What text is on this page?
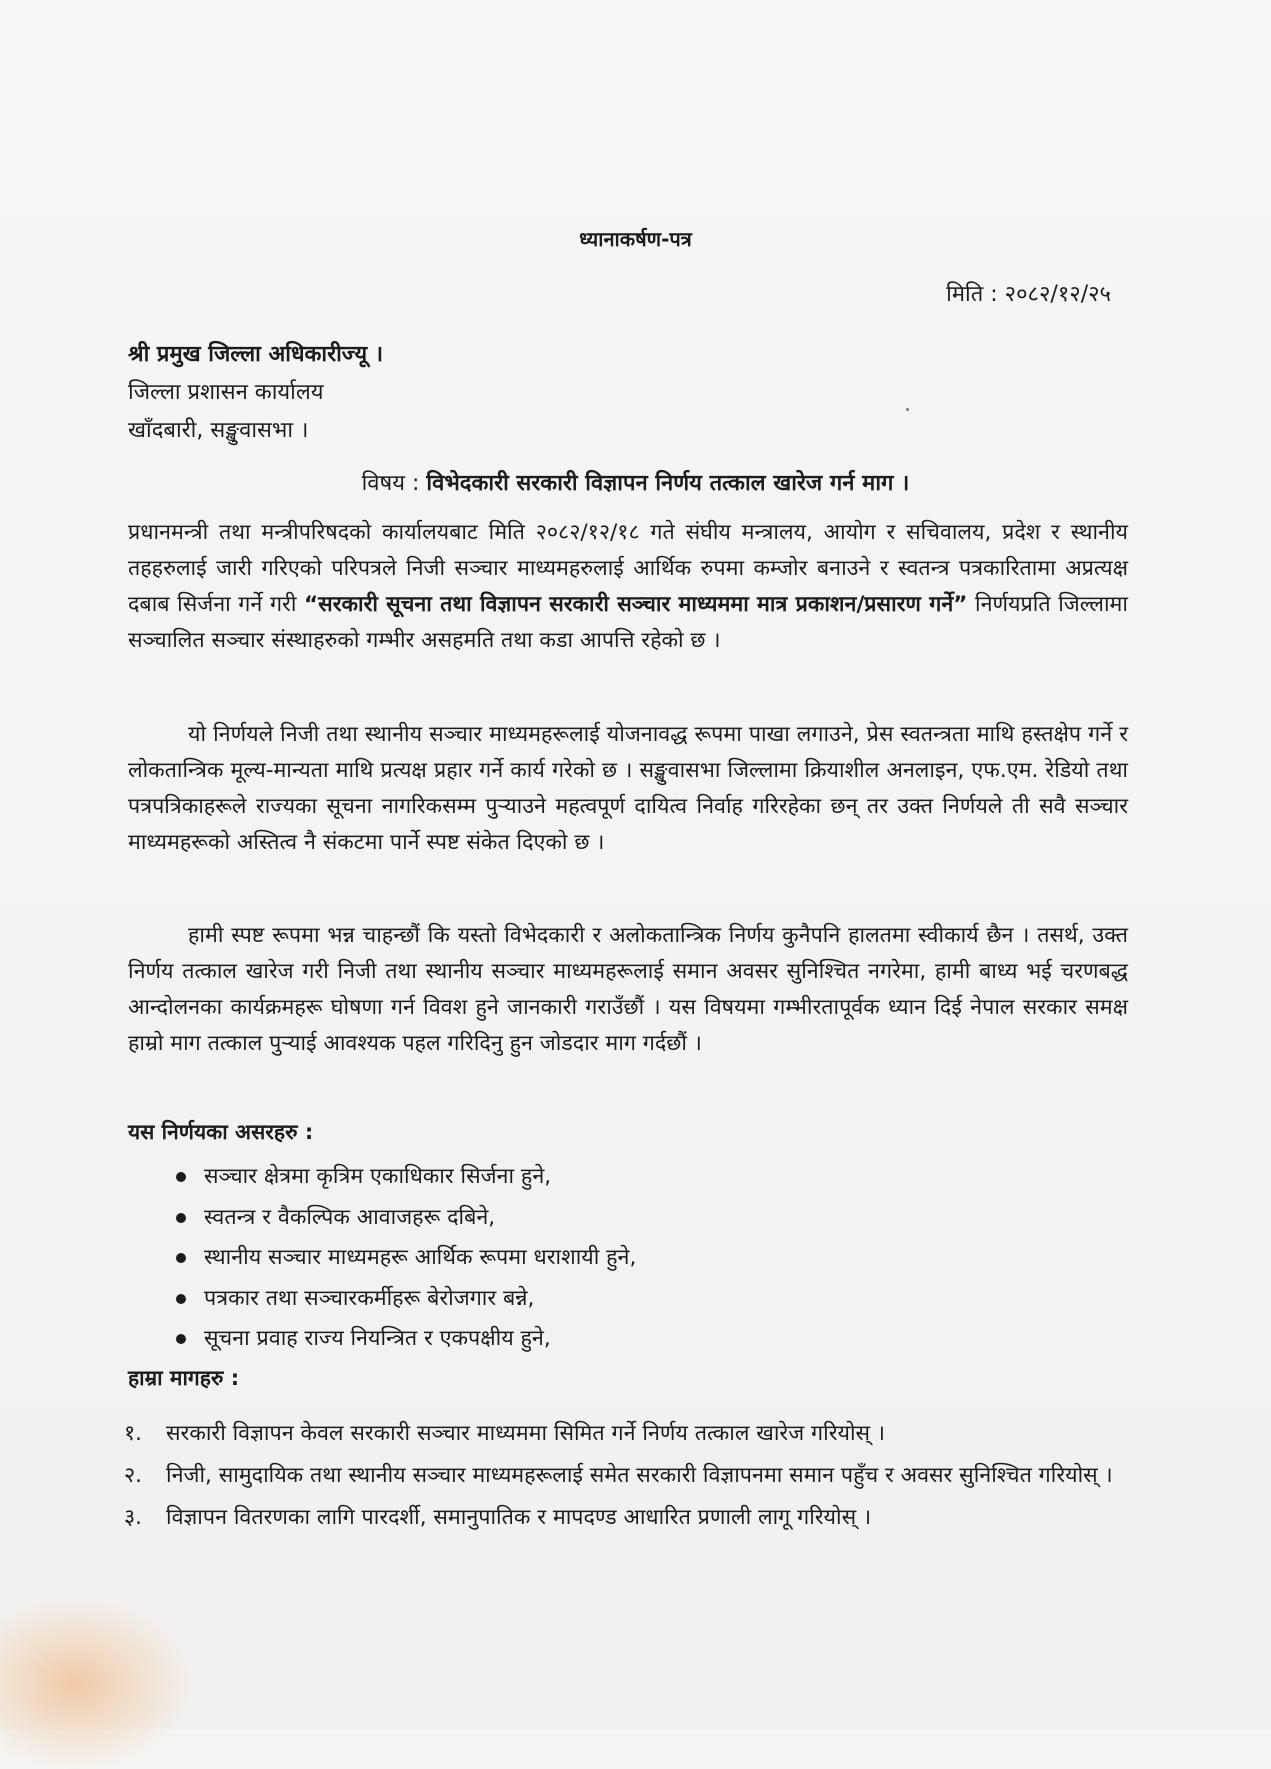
ध्यानाकर्षण-पत्र
मिति : २०८२/१२/२५
श्री प्रमुख जिल्ला अधिकारीज्यू ।
जिल्ला प्रशासन कार्यालय
खाँदबारी, सङ्खुवासभा ।
विषय : विभेदकारी सरकारी विज्ञापन निर्णय तत्काल खारेज गर्न माग ।
प्रधानमन्त्री तथा मन्त्रीपरिषदको कार्यालयबाट मिति २०८२/१२/१८ गते संघीय मन्त्रालय, आयोग र सचिवालय, प्रदेश र स्थानीय तहहरुलाई जारी गरिएको परिपत्रले निजी सञ्चार माध्यमहरुलाई आर्थिक रुपमा कम्जोर बनाउने र स्वतन्त्र पत्रकारितामा अप्रत्यक्ष दबाब सिर्जना गर्ने गरी “सरकारी सूचना तथा विज्ञापन सरकारी सञ्चार माध्यममा मात्र प्रकाशन/प्रसारण गर्ने” निर्णयप्रति जिल्लामा सञ्चालित सञ्चार संस्थाहरुको गम्भीर असहमति तथा कडा आपत्ति रहेको छ ।
यो निर्णयले निजी तथा स्थानीय सञ्चार माध्यमहरूलाई योजनावद्ध रूपमा पाखा लगाउने, प्रेस स्वतन्त्रता माथि हस्तक्षेप गर्ने र लोकतान्त्रिक मूल्य-मान्यता माथि प्रत्यक्ष प्रहार गर्ने कार्य गरेको छ । सङ्खुवासभा जिल्लामा क्रियाशील अनलाइन, एफ.एम. रेडियो तथा पत्रपत्रिकाहरूले राज्यका सूचना नागरिकसम्म पुऱ्याउने महत्वपूर्ण दायित्व निर्वाह गरिरहेका छन् तर उक्त निर्णयले ती सवै सञ्चार माध्यमहरूको अस्तित्व नै संकटमा पार्ने स्पष्ट संकेत दिएको छ ।
हामी स्पष्ट रूपमा भन्न चाहन्छौं कि यस्तो विभेदकारी र अलोकतान्त्रिक निर्णय कुनैपनि हालतमा स्वीकार्य छैन । तसर्थ, उक्त निर्णय तत्काल खारेज गरी निजी तथा स्थानीय सञ्चार माध्यमहरूलाई समान अवसर सुनिश्चित नगरेमा, हामी बाध्य भई चरणबद्ध आन्दोलनका कार्यक्रमहरू घोषणा गर्न विवश हुने जानकारी गराउँछौं । यस विषयमा गम्भीरतापूर्वक ध्यान दिई नेपाल सरकार समक्ष हाम्रो माग तत्काल पुऱ्याई आवश्यक पहल गरिदिनु हुन जोडदार माग गर्दछौं ।
यस निर्णयका असरहरु :
सञ्चार क्षेत्रमा कृत्रिम एकाधिकार सिर्जना हुने,
स्वतन्त्र र वैकल्पिक आवाजहरू दबिने,
स्थानीय सञ्चार माध्यमहरू आर्थिक रूपमा धराशायी हुने,
पत्रकार तथा सञ्चारकर्मीहरू बेरोजगार बन्ने,
सूचना प्रवाह राज्य नियन्त्रित र एकपक्षीय हुने,
हाम्रा मागहरु :
१. सरकारी विज्ञापन केवल सरकारी सञ्चार माध्यममा सिमित गर्ने निर्णय तत्काल खारेज गरियोस् ।
२. निजी, सामुदायिक तथा स्थानीय सञ्चार माध्यमहरूलाई समेत सरकारी विज्ञापनमा समान पहुँच र अवसर सुनिश्चित गरियोस् ।
३. विज्ञापन वितरणका लागि पारदर्शी, समानुपातिक र मापदण्ड आधारित प्रणाली लागू गरियोस् ।
